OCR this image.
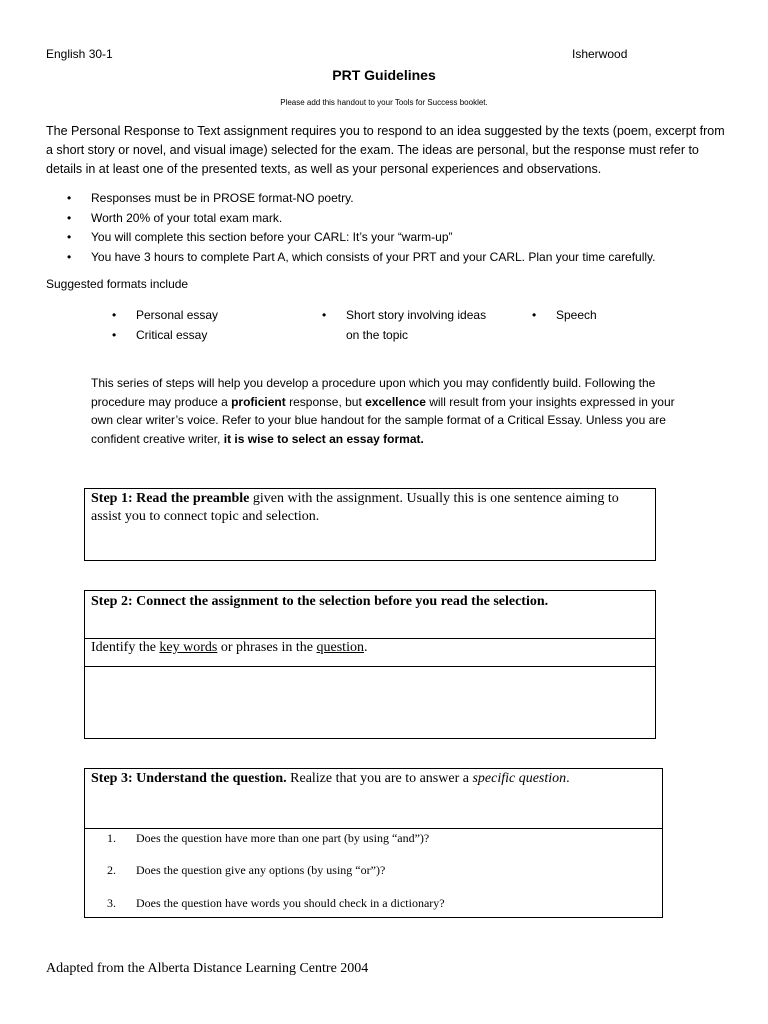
English 30-1	Isherwood
PRT Guidelines
Please add this handout to your Tools for Success booklet.
The Personal Response to Text assignment requires you to respond to an idea suggested by the texts (poem, excerpt from a short story or novel, and visual image) selected for the exam. The ideas are personal, but the response must refer to details in at least one of the presented texts, as well as your personal experiences and observations.
• Responses must be in PROSE format-NO poetry.
• Worth 20% of your total exam mark.
• You will complete this section before your CARL: It’s your “warm-up”
• You have 3 hours to complete Part A, which consists of your PRT and your CARL. Plan your time carefully.
Suggested formats include
• Personal essay
• Critical essay
• Short story involving ideas on the topic
• Speech
This series of steps will help you develop a procedure upon which you may confidently build. Following the procedure may produce a proficient response, but excellence will result from your insights expressed in your own clear writer’s voice. Refer to your blue handout for the sample format of a Critical Essay. Unless you are confident creative writer, it is wise to select an essay format.
Step 1: Read the preamble given with the assignment. Usually this is one sentence aiming to assist you to connect topic and selection.
Step 2: Connect the assignment to the selection before you read the selection.
Identify the key words or phrases in the question.
Step 3: Understand the question. Realize that you are to answer a specific question.
1. Does the question have more than one part (by using “and”)?
2. Does the question give any options (by using “or”)?
3. Does the question have words you should check in a dictionary?
Adapted from the Alberta Distance Learning Centre 2004
